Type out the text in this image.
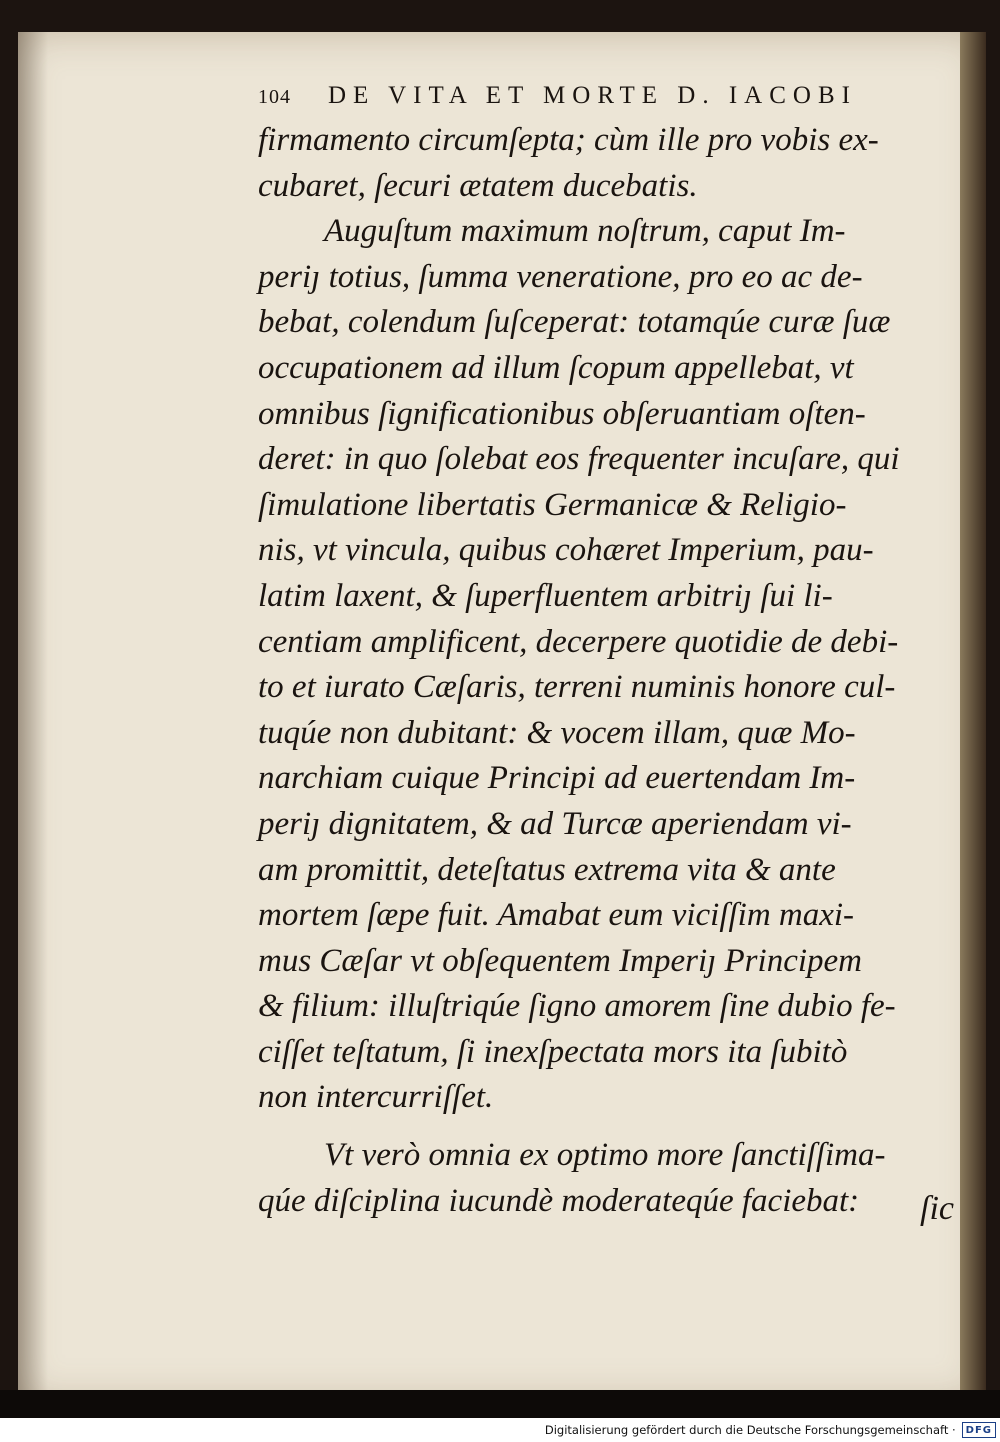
104	DE VITA ET MORTE D. IACOBI
firmamento circumſepta; cùm ille pro vobis ex-
cubaret, ſecuri ætatem ducebatis.
Auguſtum maximum noſtrum, caput Im-
periȷ totius, ſumma veneratione, pro eo ac de-
bebat, colendum ſuſceperat: totamqúe curæ ſuæ
occupationem ad illum ſcopum appellebat, vt
omnibus ſignificationibus obſeruantiam oſten-
deret: in quo ſolebat eos frequenter incuſare, qui
ſimulatione libertatis Germanicæ & Religio-
nis, vt vincula, quibus cohæret Imperium, pau-
latim laxent, & ſuperfluentem arbitriȷ ſui li-
centiam amplificent, decerpere quotidie de debi-
to et iurato Cæſaris, terreni numinis honore cul-
tuqúe non dubitant: & vocem illam, quæ Mo-
narchiam cuique Principi ad euertendam Im-
periȷ dignitatem, & ad Turcæ aperiendam vi-
am promittit, deteſtatus extrema vita & ante
mortem ſæpe fuit. Amabat eum viciſſim maxi-
mus Cæſar vt obſequentem Imperiȷ Principem
& filium: illuſtriqúe ſigno amorem ſine dubio fe-
ciſſet teſtatum, ſi inexſpectata mors ita ſubitò
non intercurriſſet.
Vt verò omnia ex optimo more ſanctiſſima-
qúe diſciplina iucundè moderateqúe faciebat:	ſic
Digitalisierung gefördert durch die Deutsche Forschungsgemeinschaft ·	DFG
